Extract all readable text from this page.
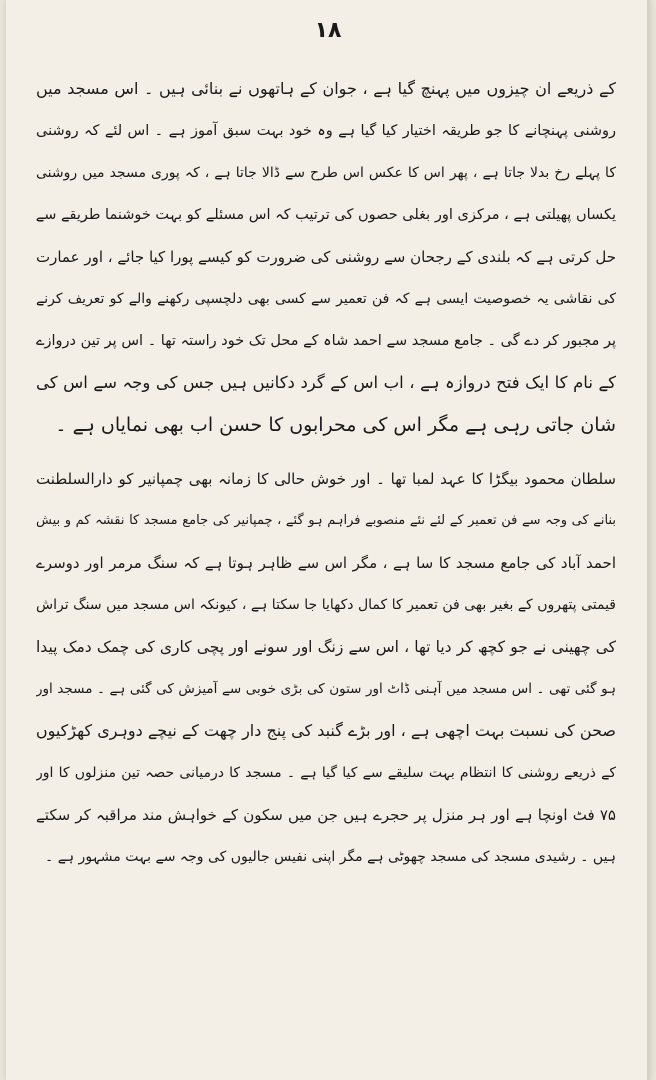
۱۸
کے ذریعے ان چیزوں میں پہنچ گیا ہے ، جوان کے ہاتھوں نے بنائی ہیں ۔ اس مسجد میں
روشنی پہنچانے کا جو طریقہ اختیار کیا گیا ہے وہ خود بہت سبق آموز ہے ۔ اس لئے کہ روشنی
کا پہلے رخ بدلا جاتا ہے ، پھر اس کا عکس اس طرح سے ڈالا جاتا ہے ، کہ پوری مسجد میں روشنی
یکساں پھیلتی ہے ، مرکزی اور بغلی حصوں کی ترتیب کہ اس مسئلے کو بہت خوشنما طریقے سے
حل کرتی ہے کہ بلندی کے رجحان سے روشنی کی ضرورت کو کیسے پورا کیا جائے ، اور عمارت
کی نقاشی یہ خصوصیت ایسی ہے کہ فن تعمیر سے کسی بھی دلچسپی رکھنے والے کو تعریف کرنے
پر مجبور کر دے گی ۔ جامع مسجد سے احمد شاہ کے محل تک خود راستہ تھا ۔ اس پر تین دروازے
کے نام کا ایک فتح دروازہ ہے ، اب اس کے گرد دکانیں ہیں جس کی وجہ سے اس کی
شان جاتی رہی ہے مگر اس کی محرابوں کا حسن اب بھی نمایاں ہے ۔
سلطان محمود بیگڑا کا عہد لمبا تھا ۔ اور خوش حالی کا زمانہ بھی چمپانیر کو دارالسلطنت
بنانے کی وجہ سے فن تعمیر کے لئے نئے منصوبے فراہم ہو گئے ، چمپانیر کی جامع مسجد کا نقشہ کم و بیش
احمد آباد کی جامع مسجد کا سا ہے ، مگر اس سے ظاہر ہوتا ہے کہ سنگ مرمر اور دوسرے
قیمتی پتھروں کے بغیر بھی فن تعمیر کا کمال دکھایا جا سکتا ہے ، کیونکہ اس مسجد میں سنگ تراش
کی چھینی نے جو کچھ کر دیا تھا ، اس سے زنگ اور سونے اور پچی کاری کی چمک دمک پیدا
ہو گئی تھی ۔ اس مسجد میں آہنی ڈاٹ اور ستون کی بڑی خوبی سے آمیزش کی گئی ہے ۔ مسجد اور
صحن کی نسبت بہت اچھی ہے ، اور بڑے گنبد کی پنج دار چھت کے نیچے دوہری کھڑکیوں
کے ذریعے روشنی کا انتظام بہت سلیقے سے کیا گیا ہے ۔ مسجد کا درمیانی حصہ تین منزلوں کا اور
۷۵ فٹ اونچا ہے اور ہر منزل پر حجرے ہیں جن میں سکون کے خواہش مند مراقبہ کر سکتے
ہیں ۔ رشیدی مسجد کی مسجد چھوٹی ہے مگر اپنی نفیس جالیوں کی وجہ سے بہت مشہور ہے ۔
